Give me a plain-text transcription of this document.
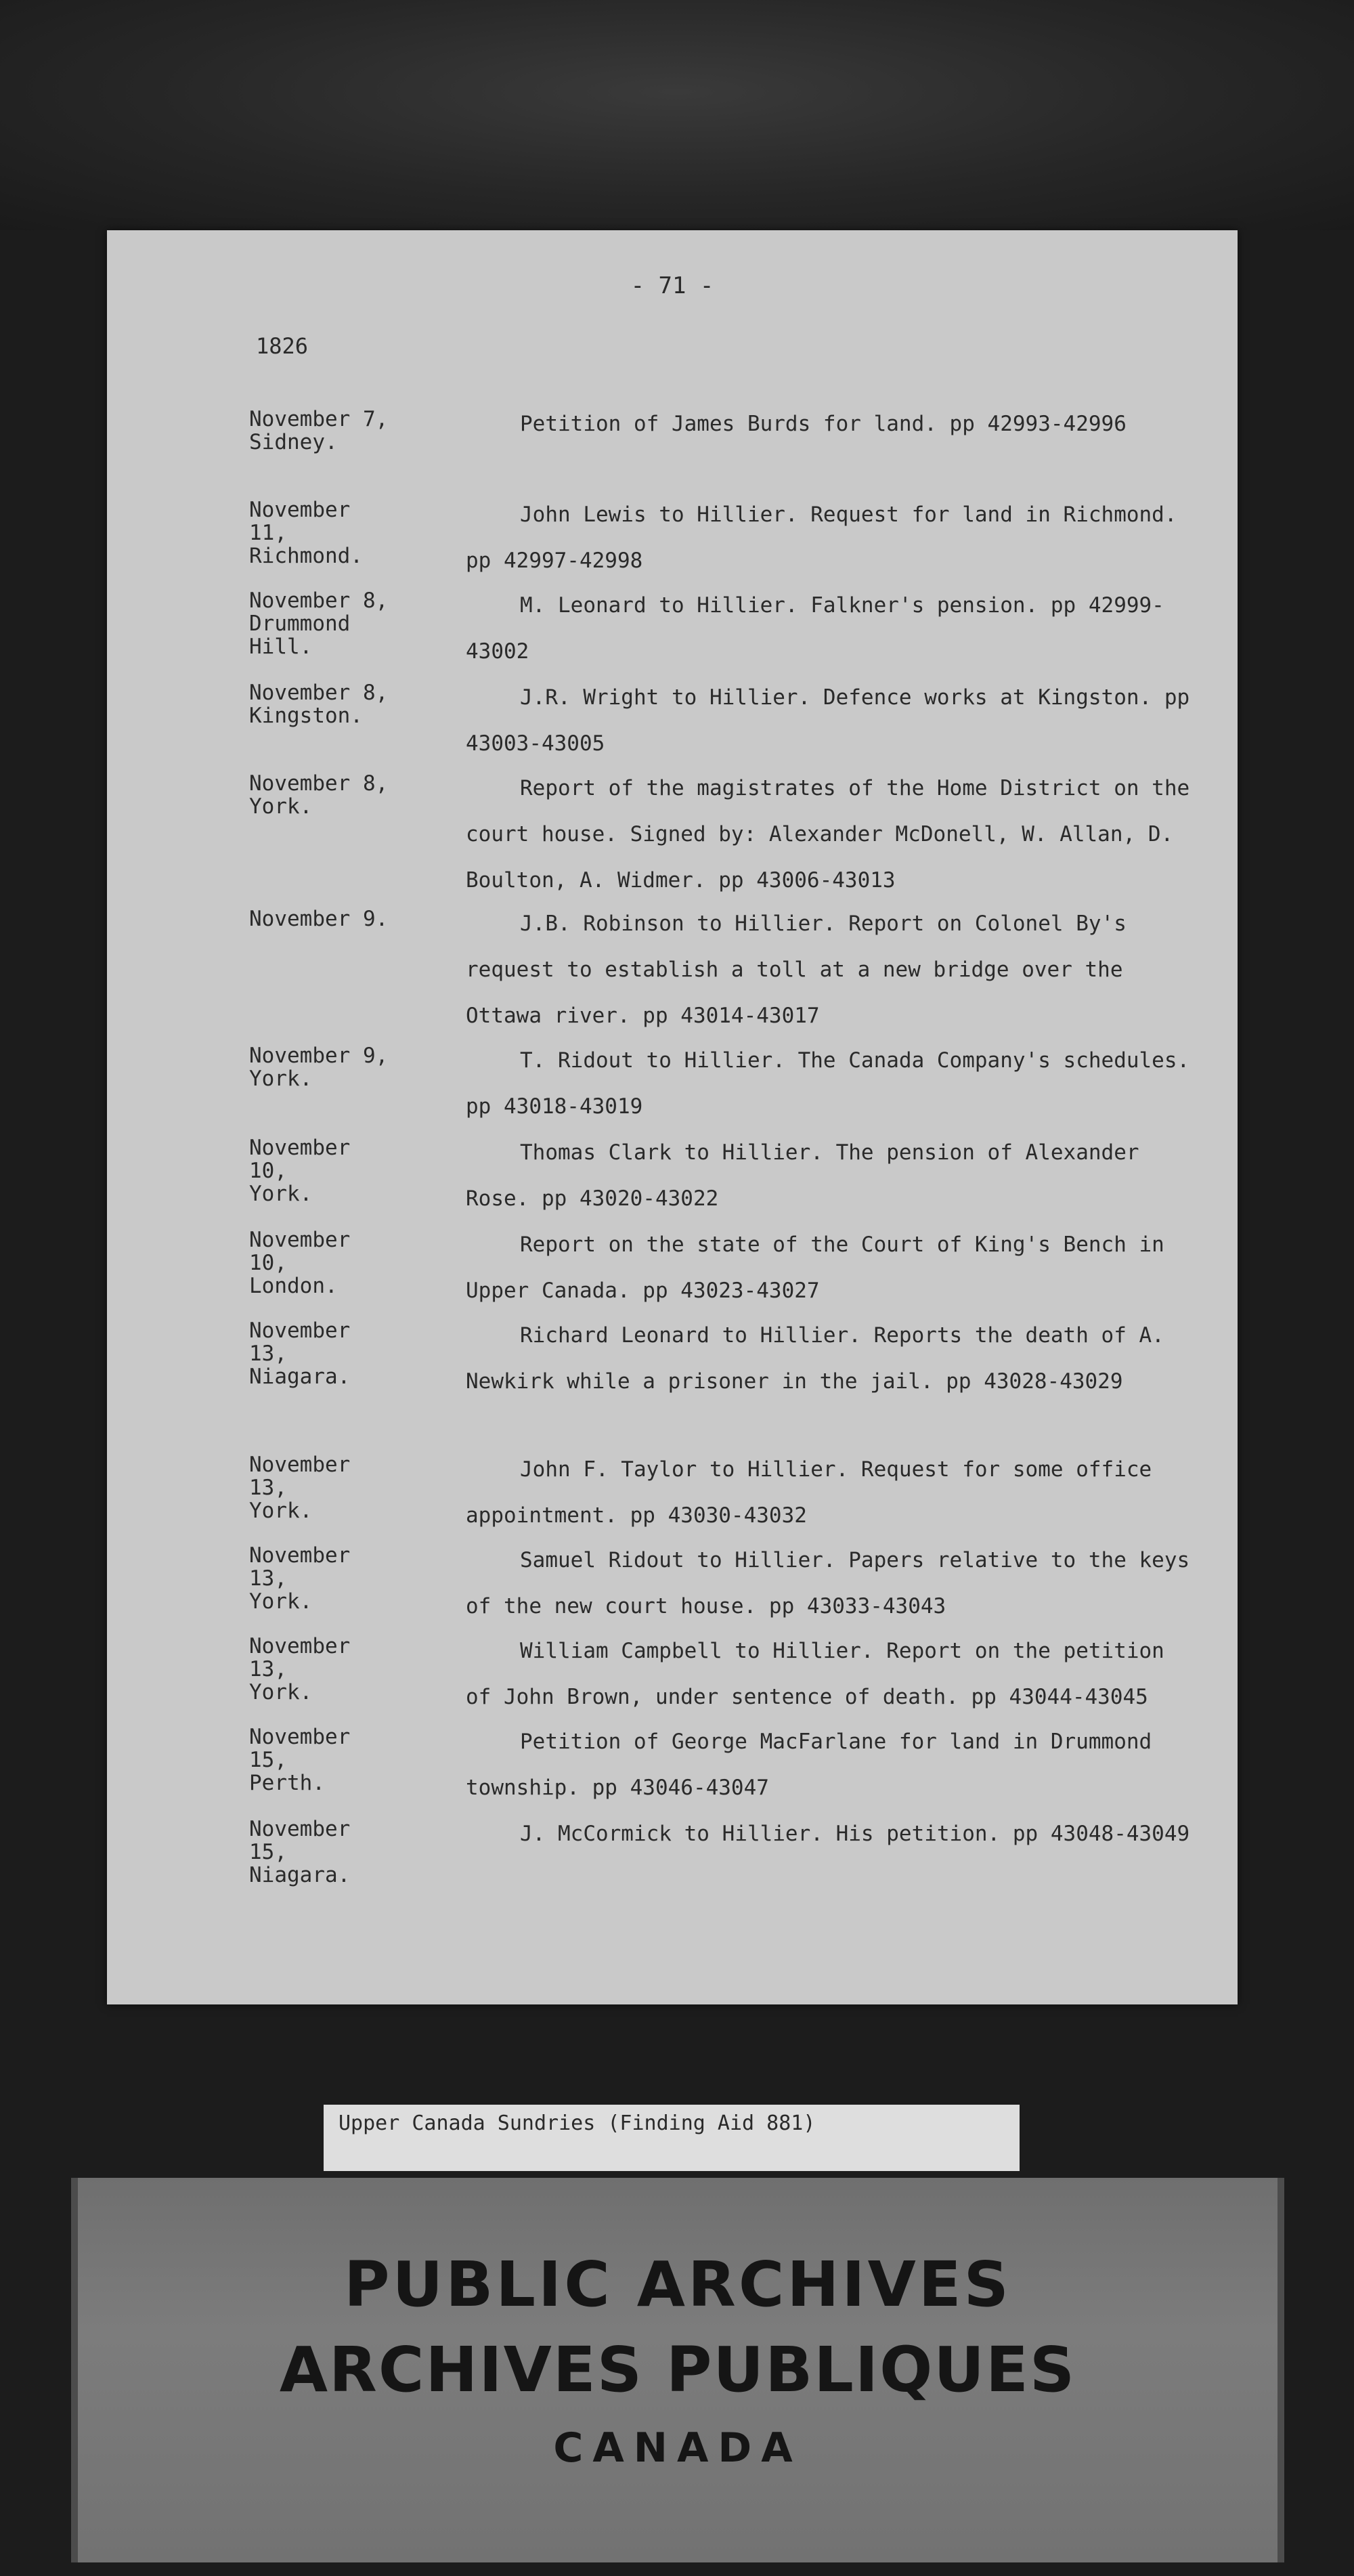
- 71 -
1826
November 7,
Sidney.
Petition of James Burds for land. pp 42993-42996
November 11,
Richmond.
John Lewis to Hillier. Request for land in Richmond. pp 42997-42998
November 8,
Drummond
Hill.
M. Leonard to Hillier. Falkner's pension. pp 42999-43002
November 8,
Kingston.
J.R. Wright to Hillier. Defence works at Kingston. pp 43003-43005
November 8,
York.
Report of the magistrates of the Home District on the court house. Signed by: Alexander McDonell, W. Allan, D. Boulton, A. Widmer. pp 43006-43013
November 9.	J.B. Robinson to Hillier. Report on Colonel By's request to establish a toll at a new bridge over the Ottawa river. pp 43014-43017
November 9,
York.
T. Ridout to Hillier. The Canada Company's schedules. pp 43018-43019
November 10,
York.
Thomas Clark to Hillier. The pension of Alexander Rose. pp 43020-43022
November 10,
London.
Report on the state of the Court of King's Bench in Upper Canada. pp 43023-43027
November 13,
Niagara.
Richard Leonard to Hillier. Reports the death of A. Newkirk while a prisoner in the jail. pp 43028-43029
November 13,
York.
John F. Taylor to Hillier. Request for some office appointment. pp 43030-43032
November 13,
York.
Samuel Ridout to Hillier. Papers relative to the keys of the new court house. pp 43033-43043
November 13,
York.
William Campbell to Hillier. Report on the petition of John Brown, under sentence of death. pp 43044-43045
November 15,
Perth.
Petition of George MacFarlane for land in Drummond township. pp 43046-43047
November 15,
Niagara.
J. McCormick to Hillier. His petition. pp 43048-43049
Upper Canada Sundries (Finding Aid 881)
PUBLIC ARCHIVES
ARCHIVES PUBLIQUES
CANADA
